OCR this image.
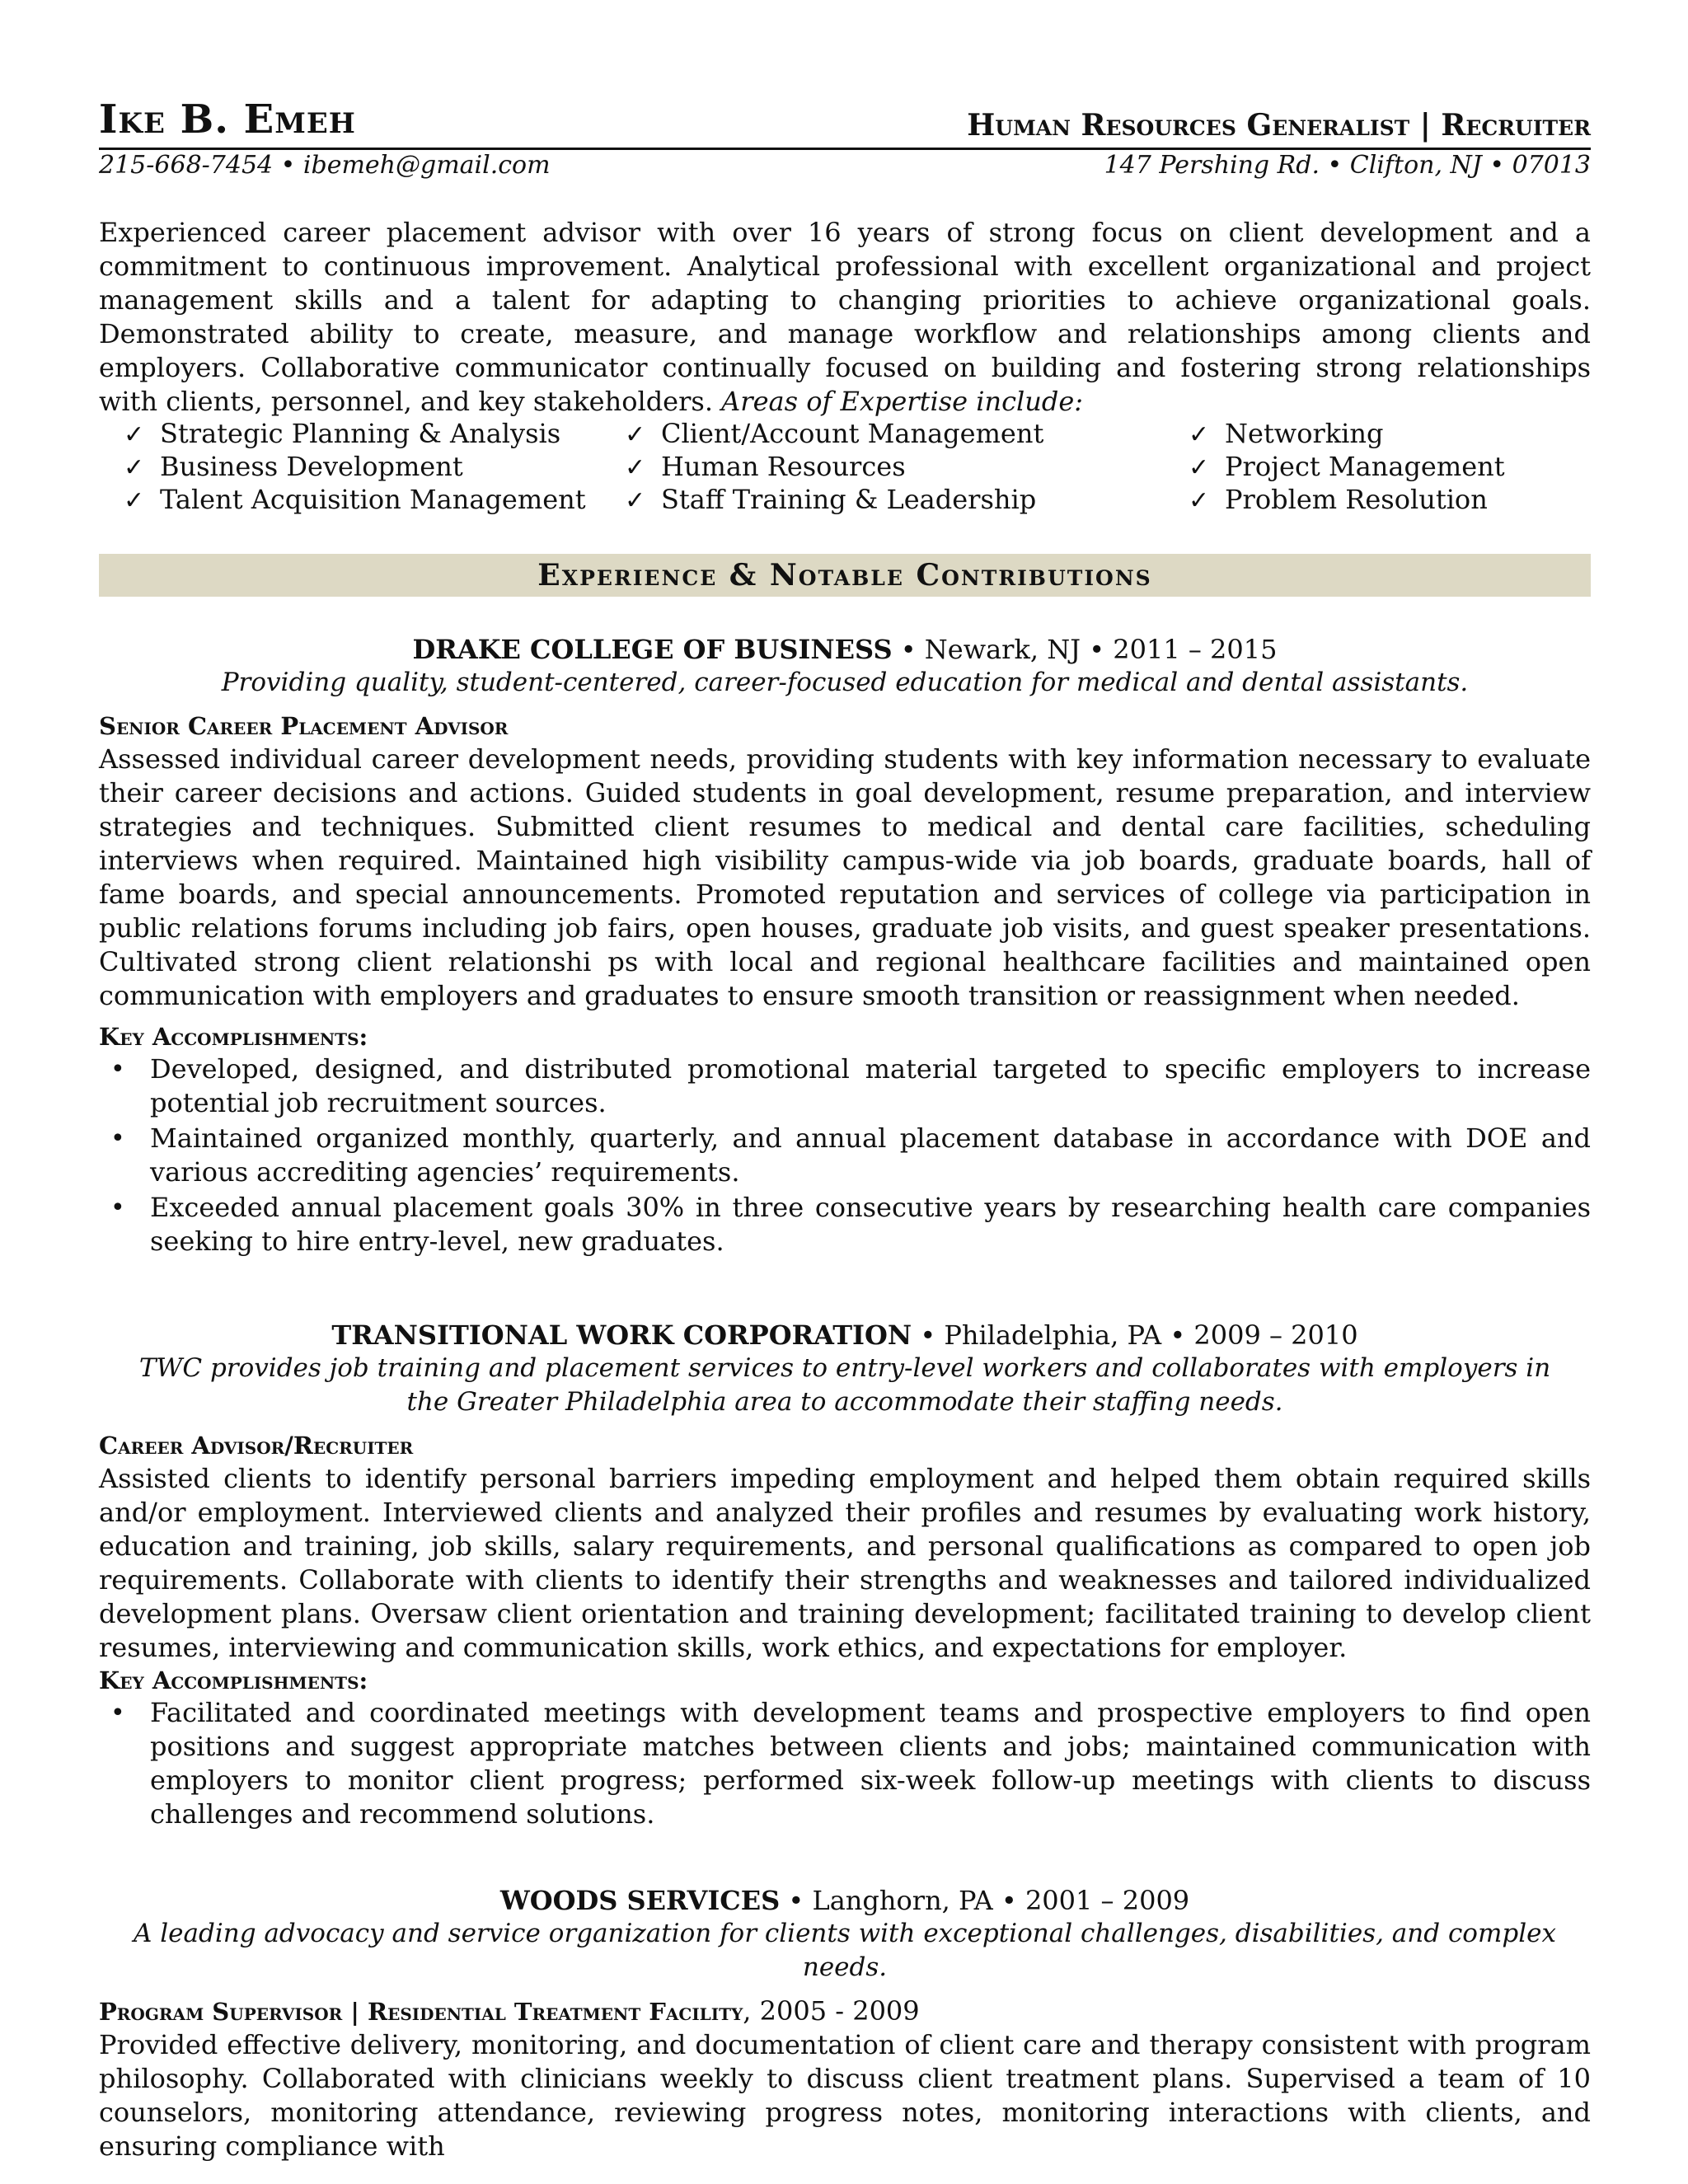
Ike B. Emeh	Human Resources Generalist | Recruiter
215-668-7454 • ibemeh@gmail.com	147 Pershing Rd. • Clifton, NJ • 07013
Experienced career placement advisor with over 16 years of strong focus on client development and a commitment to continuous improvement. Analytical professional with excellent organizational and project management skills and a talent for adapting to changing priorities to achieve organizational goals. Demonstrated ability to create, measure, and manage workflow and relationships among clients and employers. Collaborative communicator continually focused on building and fostering strong relationships with clients, personnel, and key stakeholders. Areas of Expertise include:
✓ Strategic Planning & Analysis
✓ Business Development
✓ Talent Acquisition Management
✓ Client/Account Management
✓ Human Resources
✓ Staff Training & Leadership
✓ Networking
✓ Project Management
✓ Problem Resolution
Experience & Notable Contributions
DRAKE COLLEGE OF BUSINESS • Newark, NJ • 2011 – 2015
Providing quality, student-centered, career-focused education for medical and dental assistants.
Senior Career Placement Advisor
Assessed individual career development needs, providing students with key information necessary to evaluate their career decisions and actions. Guided students in goal development, resume preparation, and interview strategies and techniques. Submitted client resumes to medical and dental care facilities, scheduling interviews when required. Maintained high visibility campus-wide via job boards, graduate boards, hall of fame boards, and special announcements. Promoted reputation and services of college via participation in public relations forums including job fairs, open houses, graduate job visits, and guest speaker presentations. Cultivated strong client relationshi ps with local and regional healthcare facilities and maintained open communication with employers and graduates to ensure smooth transition or reassignment when needed.
Key Accomplishments:
• Developed, designed, and distributed promotional material targeted to specific employers to increase potential job recruitment sources.
• Maintained organized monthly, quarterly, and annual placement database in accordance with DOE and various accrediting agencies’ requirements.
• Exceeded annual placement goals 30% in three consecutive years by researching health care companies seeking to hire entry-level, new graduates.
TRANSITIONAL WORK CORPORATION • Philadelphia, PA • 2009 – 2010
TWC provides job training and placement services to entry-level workers and collaborates with employers in the Greater Philadelphia area to accommodate their staffing needs.
Career Advisor/Recruiter
Assisted clients to identify personal barriers impeding employment and helped them obtain required skills and/or employment. Interviewed clients and analyzed their profiles and resumes by evaluating work history, education and training, job skills, salary requirements, and personal qualifications as compared to open job requirements. Collaborate with clients to identify their strengths and weaknesses and tailored individualized development plans. Oversaw client orientation and training development; facilitated training to develop client resumes, interviewing and communication skills, work ethics, and expectations for employer.
Key Accomplishments:
• Facilitated and coordinated meetings with development teams and prospective employers to find open positions and suggest appropriate matches between clients and jobs; maintained communication with employers to monitor client progress; performed six-week follow-up meetings with clients to discuss challenges and recommend solutions.
WOODS SERVICES • Langhorn, PA • 2001 – 2009
A leading advocacy and service organization for clients with exceptional challenges, disabilities, and complex needs.
Program Supervisor | Residential Treatment Facility, 2005 - 2009
Provided effective delivery, monitoring, and documentation of client care and therapy consistent with program philosophy. Collaborated with clinicians weekly to discuss client treatment plans. Supervised a team of 10 counselors, monitoring attendance, reviewing progress notes, monitoring interactions with clients, and ensuring compliance with
